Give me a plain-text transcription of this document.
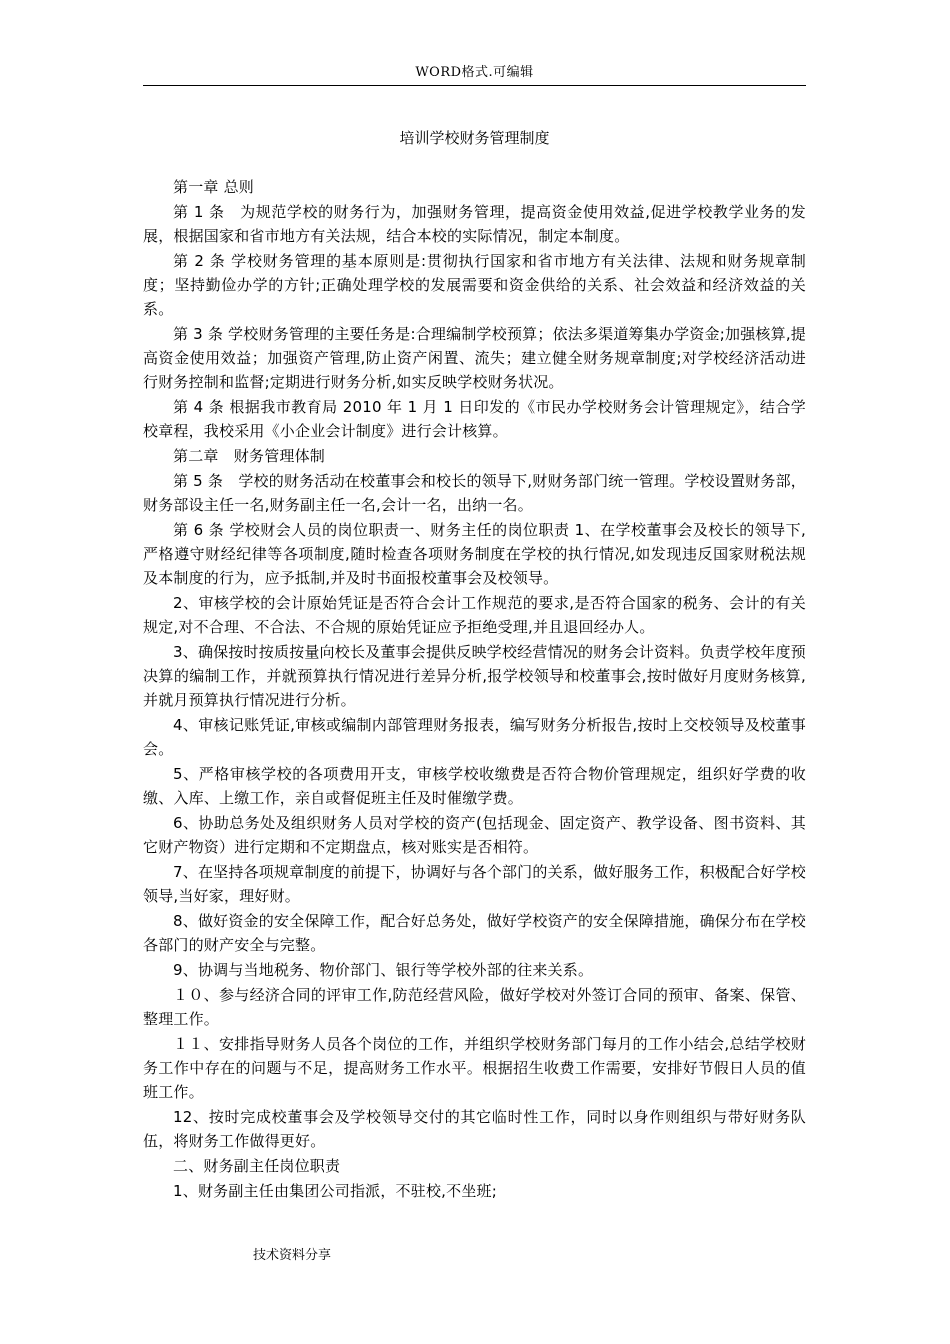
WORD格式.可编辑
培训学校财务管理制度

第一章 总则

第 1 条　为规范学校的财务行为，加强财务管理，提高资金使用效益,促进学校教学业务的发展，根据国家和省市地方有关法规，结合本校的实际情况，制定本制度。

第 2 条 学校财务管理的基本原则是:贯彻执行国家和省市地方有关法律、法规和财务规章制度；坚持勤俭办学的方针;正确处理学校的发展需要和资金供给的关系、社会效益和经济效益的关系。

第 3 条 学校财务管理的主要任务是:合理编制学校预算；依法多渠道筹集办学资金;加强核算,提高资金使用效益；加强资产管理,防止资产闲置、流失；建立健全财务规章制度;对学校经济活动进行财务控制和监督;定期进行财务分析,如实反映学校财务状况。

第 4 条 根据我市教育局 2010 年 1 月 1 日印发的《市民办学校财务会计管理规定》，结合学校章程，我校采用《小企业会计制度》进行会计核算。

第二章　财务管理体制

第 5 条　学校的财务活动在校董事会和校长的领导下,财财务部门统一管理。学校设置财务部，财务部设主任一名,财务副主任一名,会计一名，出纳一名。

第 6 条 学校财会人员的岗位职责一、财务主任的岗位职责 1、在学校董事会及校长的领导下,严格遵守财经纪律等各项制度,随时检查各项财务制度在学校的执行情况,如发现违反国家财税法规及本制度的行为，应予抵制,并及时书面报校董事会及校领导。

2、审核学校的会计原始凭证是否符合会计工作规范的要求,是否符合国家的税务、会计的有关规定,对不合理、不合法、不合规的原始凭证应予拒绝受理,并且退回经办人。

3、确保按时按质按量向校长及董事会提供反映学校经营情况的财务会计资料。负责学校年度预决算的编制工作，并就预算执行情况进行差异分析,报学校领导和校董事会,按时做好月度财务核算,并就月预算执行情况进行分析。

4、审核记账凭证,审核或编制内部管理财务报表，编写财务分析报告,按时上交校领导及校董事会。

5、严格审核学校的各项费用开支，审核学校收缴费是否符合物价管理规定，组织好学费的收缴、入库、上缴工作，亲自或督促班主任及时催缴学费。

6、协助总务处及组织财务人员对学校的资产(包括现金、固定资产、教学设备、图书资料、其它财产物资）进行定期和不定期盘点，核对账实是否相符。

7、在坚持各项规章制度的前提下，协调好与各个部门的关系，做好服务工作，积极配合好学校领导,当好家，理好财。

8、做好资金的安全保障工作，配合好总务处，做好学校资产的安全保障措施，确保分布在学校各部门的财产安全与完整。

9、协调与当地税务、物价部门、银行等学校外部的往来关系。

１０、参与经济合同的评审工作,防范经营风险，做好学校对外签订合同的预审、备案、保管、整理工作。

１１、安排指导财务人员各个岗位的工作，并组织学校财务部门每月的工作小结会,总结学校财务工作中存在的问题与不足，提高财务工作水平。根据招生收费工作需要，安排好节假日人员的值班工作。

12、按时完成校董事会及学校领导交付的其它临时性工作，同时以身作则组织与带好财务队伍，将财务工作做得更好。

二、财务副主任岗位职责

1、财务副主任由集团公司指派，不驻校,不坐班;

技术资料分享
